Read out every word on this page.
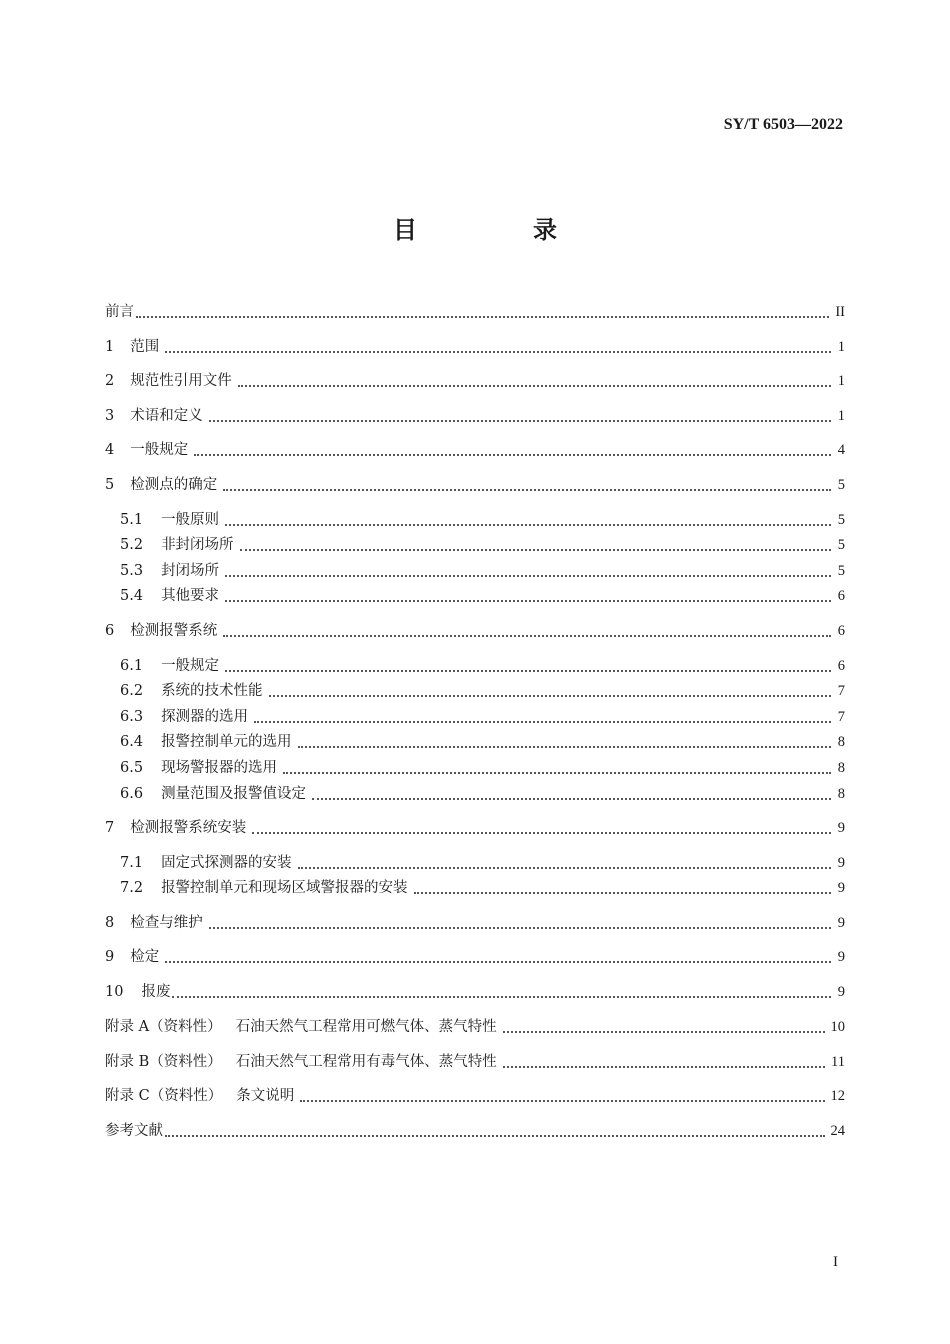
SY/T 6503—2022
目　录
前言	II
1 范围	1
2 规范性引用文件	1
3 术语和定义	1
4 一般规定	4
5 检测点的确定	5
5.1 一般原则	5
5.2 非封闭场所	5
5.3 封闭场所	5
5.4 其他要求	6
6 检测报警系统	6
6.1 一般规定	6
6.2 系统的技术性能	7
6.3 探测器的选用	7
6.4 报警控制单元的选用	8
6.5 现场警报器的选用	8
6.6 测量范围及报警值设定	8
7 检测报警系统安装	9
7.1 固定式探测器的安装	9
7.2 报警控制单元和现场区域警报器的安装	9
8 检查与维护	9
9 检定	9
10 报废	9
附录 A（资料性） 石油天然气工程常用可燃气体、蒸气特性	10
附录 B（资料性） 石油天然气工程常用有毒气体、蒸气特性	11
附录 C（资料性） 条文说明	12
参考文献	24
I
